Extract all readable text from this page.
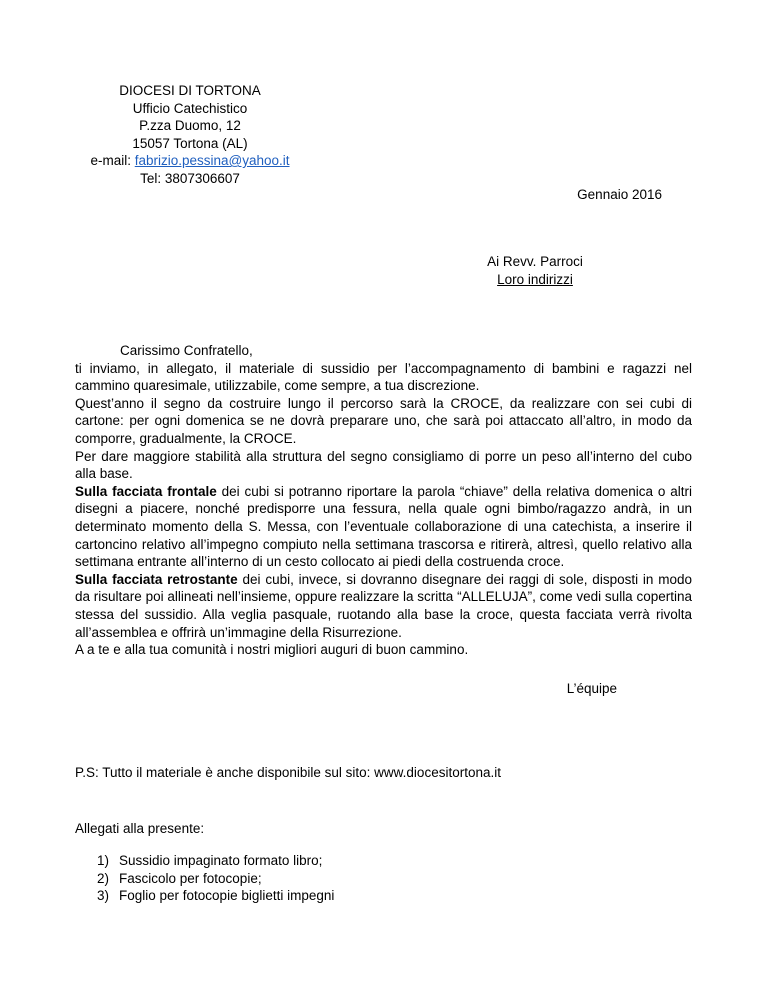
DIOCESI DI TORTONA
Ufficio Catechistico
P.zza Duomo, 12
15057 Tortona (AL)
e-mail: fabrizio.pessina@yahoo.it
Tel: 3807306607
Gennaio 2016
Ai Revv. Parroci
Loro indirizzi

Carissimo Confratello,

ti inviamo, in allegato, il materiale di sussidio per l’accompagnamento di bambini e ragazzi nel cammino quaresimale, utilizzabile, come sempre, a tua discrezione.

Quest’anno il segno da costruire lungo il percorso sarà la CROCE, da realizzare con sei cubi di cartone: per ogni domenica se ne dovrà preparare uno, che sarà poi attaccato all’altro, in modo da comporre, gradualmente, la CROCE.

Per dare maggiore stabilità alla struttura del segno consigliamo di porre un peso all’interno del cubo alla base.

Sulla facciata frontale dei cubi si potranno riportare la parola “chiave” della relativa domenica o altri disegni a piacere, nonché predisporre una fessura, nella quale ogni bimbo/ragazzo andrà, in un determinato momento della S. Messa, con l’eventuale collaborazione di una catechista, a inserire il cartoncino relativo all’impegno compiuto nella settimana trascorsa e ritirerà, altresì, quello relativo alla settimana entrante all’interno di un cesto collocato ai piedi della costruenda croce.

Sulla facciata retrostante dei cubi, invece, si dovranno disegnare dei raggi di sole, disposti in modo da risultare poi allineati nell’insieme, oppure realizzare la scritta “ALLELUJA”, come vedi sulla copertina stessa del sussidio. Alla veglia pasquale, ruotando alla base la croce, questa facciata verrà rivolta all’assemblea e offrirà un’immagine della Risurrezione.

A a te e alla tua comunità i nostri migliori auguri di buon cammino.

L’équipe
P.S: Tutto il materiale è anche disponibile sul sito: www.diocesitortona.it
Allegati alla presente:
1) Sussidio impaginato formato libro;
2) Fascicolo per fotocopie;
3) Foglio per fotocopie biglietti impegni
